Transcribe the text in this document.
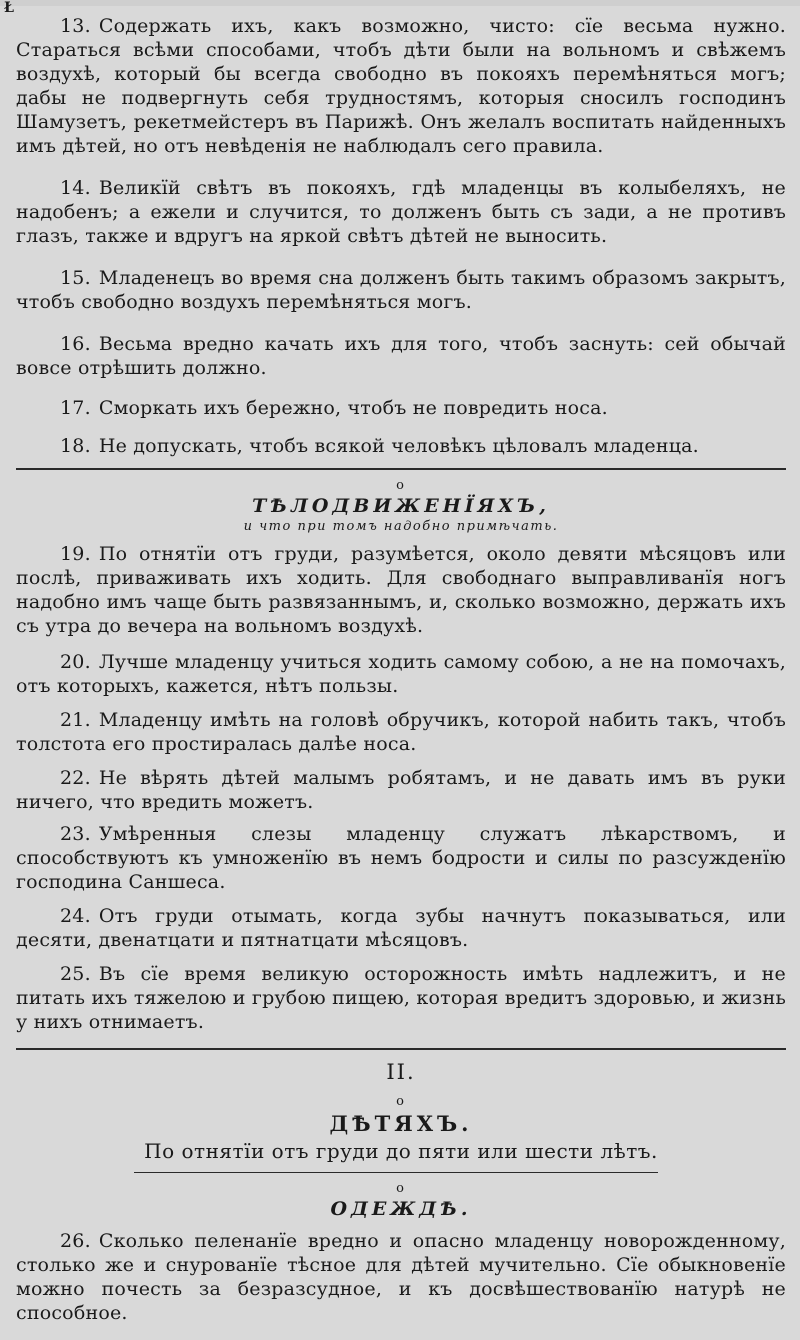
Ł

13. Содержать ихъ, какъ возможно, чисто: сїе весьма нужно. Стараться всѣми способами, чтобъ дѣти были на вольномъ и свѣжемъ воздухѣ, который бы всегда свободно въ покояхъ перемѣняться могъ; дабы не подвергнуть себя трудностямъ, которыя сносилъ господинъ Шамузетъ, рекетмейстеръ въ Парижѣ. Онъ желалъ воспитать найденныхъ имъ дѣтей, но отъ невѣденія не наблюдалъ сего правила.

14. Великїй свѣтъ въ покояхъ, гдѣ младенцы въ колыбеляхъ, не надобенъ; а ежели и случится, то долженъ быть съ зади, а не противъ глазъ, также и вдругъ на яркой свѣтъ дѣтей не выносить.

15. Младенецъ во время сна долженъ быть такимъ образомъ закрытъ, чтобъ свободно воздухъ перемѣняться могъ.

16. Весьма вредно качать ихъ для того, чтобъ заснуть: сей обычай вовсе отрѣшить должно.

17. Сморкать ихъ бережно, чтобъ не повредить носа.

18. Не допускать, чтобъ всякой человѣкъ цѣловалъ младенца.

о
ТѢЛОДВИЖЕНЇЯХЪ,
и что при томъ надобно примѣчать.

19. По отнятїи отъ груди, разумѣется, около девяти мѣсяцовъ или послѣ, приваживать ихъ ходить. Для свободнаго выправливанїя ногъ надобно имъ чаще быть развязаннымъ, и, сколько возможно, держать ихъ съ утра до вечера на вольномъ воздухѣ.

20. Лучше младенцу учиться ходить самому собою, а не на помочахъ, отъ которыхъ, кажется, нѣтъ пользы.

21. Младенцу имѣть на головѣ обручикъ, которой набить такъ, чтобъ толстота его простиралась далѣе носа.

22. Не вѣрять дѣтей малымъ робятамъ, и не давать имъ въ руки ничего, что вредить можетъ.

23. Умѣренныя слезы младенцу служатъ лѣкарствомъ, и способствуютъ къ умноженїю въ немъ бодрости и силы по разсужденїю господина Саншеса.

24. Отъ груди отымать, когда зубы начнутъ показываться, или десяти, двенатцати и пятнатцати мѣсяцовъ.

25. Въ сїе время великую осторожность имѣть надлежитъ, и не питать ихъ тяжелою и грубою пищею, которая вредитъ здоровью, и жизнь у нихъ отнимаетъ.

II.
о
ДѢТЯХЪ.
По отнятїи отъ груди до пяти или шести лѣтъ.
о
ОДЕЖДѢ.

26. Сколько пеленанїе вредно и опасно младенцу новорожденному, столько же и снурованїе тѣсное для дѣтей мучительно. Сїе обыкновенїе можно почесть за безразсудное, и къ досвѣшествованїю натурѣ не способное.
